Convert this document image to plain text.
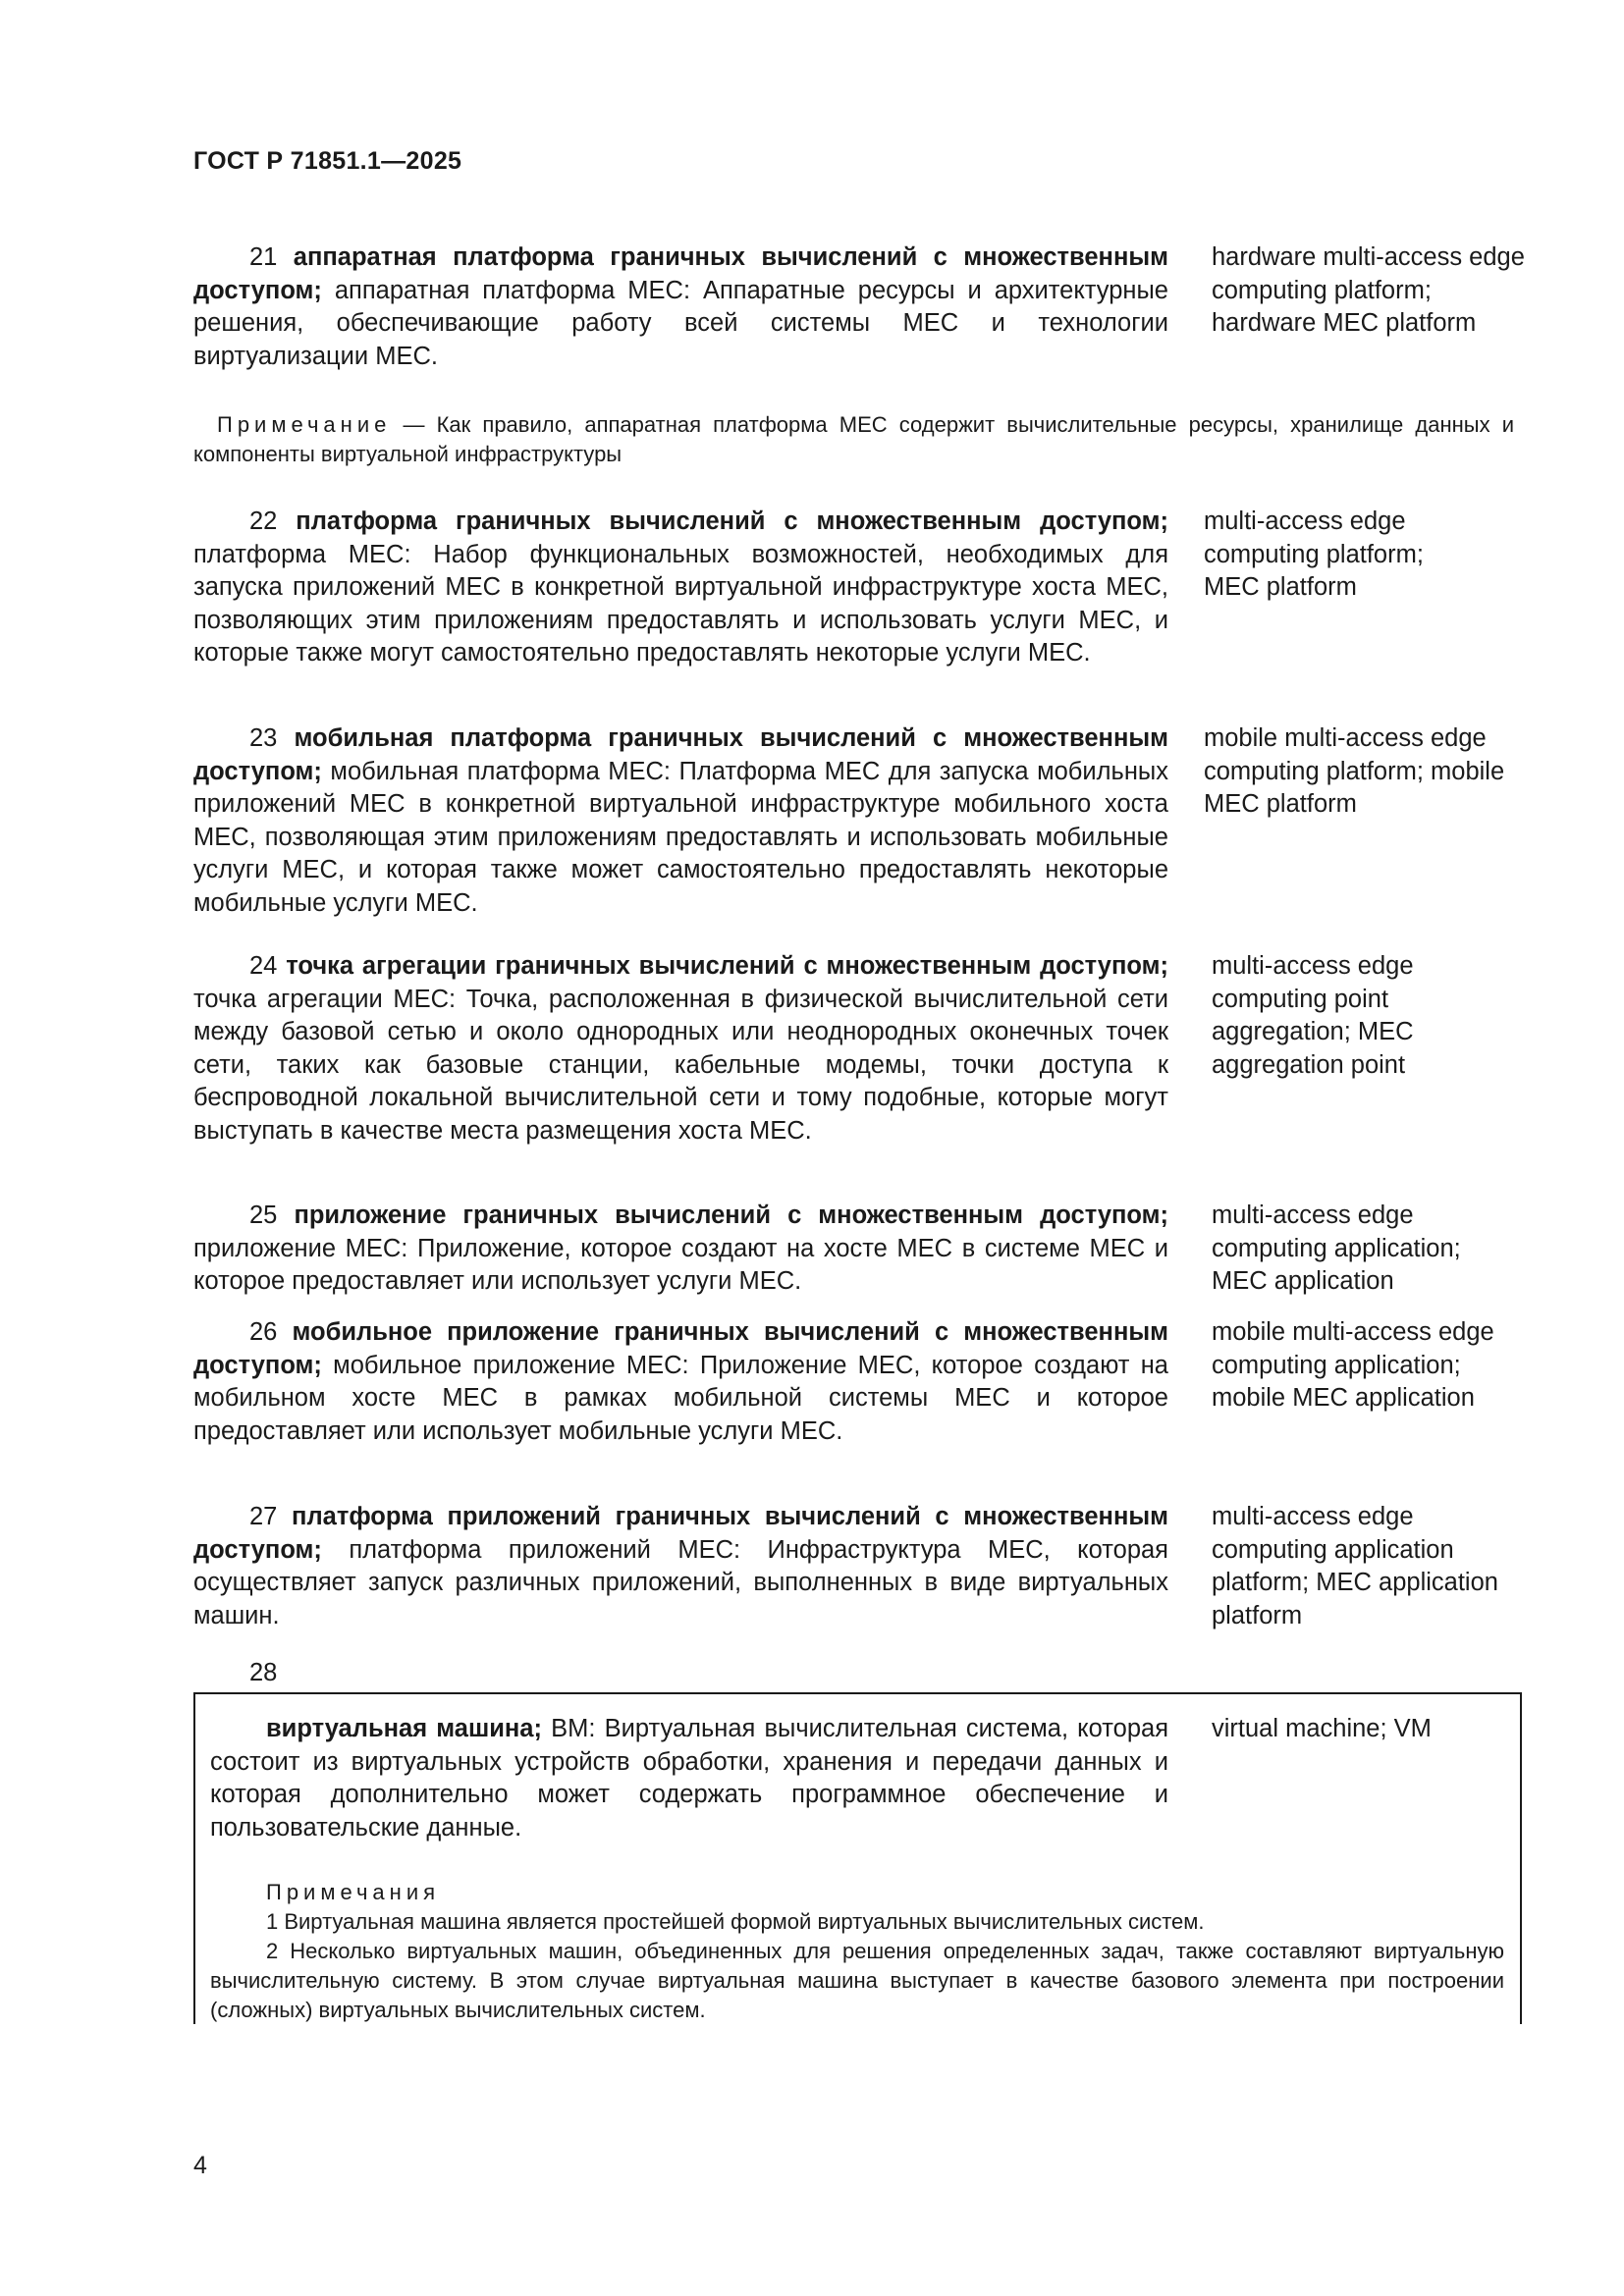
ГОСТ Р 71851.1—2025
21 аппаратная платформа граничных вычислений с множественным доступом; аппаратная платформа МЕС: Аппаратные ресурсы и архитектурные решения, обеспечивающие работу всей системы МЕС и технологии виртуализации МЕС.
hardware multi-access edge computing platform; hardware MEC platform
Примечание — Как правило, аппаратная платформа МЕС содержит вычислительные ресурсы, хранилище данных и компоненты виртуальной инфраструктуры
22 платформа граничных вычислений с множественным доступом; платформа МЕС: Набор функциональных возможностей, необходимых для запуска приложений МЕС в конкретной виртуальной инфраструктуре хоста МЕС, позволяющих этим приложениям предоставлять и использовать услуги МЕС, и которые также могут самостоятельно предоставлять некоторые услуги МЕС.
multi-access edge computing platform; MEC platform
23 мобильная платформа граничных вычислений с множественным доступом; мобильная платформа МЕС: Платформа МЕС для запуска мобильных приложений МЕС в конкретной виртуальной инфраструктуре мобильного хоста МЕС, позволяющая этим приложениям предоставлять и использовать мобильные услуги МЕС, и которая также может самостоятельно предоставлять некоторые мобильные услуги МЕС.
mobile multi-access edge computing platform; mobile MEC platform
24 точка агрегации граничных вычислений с множественным доступом; точка агрегации МЕС: Точка, расположенная в физической вычислительной сети между базовой сетью и около однородных или неоднородных оконечных точек сети, таких как базовые станции, кабельные модемы, точки доступа к беспроводной локальной вычислительной сети и тому подобные, которые могут выступать в качестве места размещения хоста МЕС.
multi-access edge computing point aggregation; MEC aggregation point
25 приложение граничных вычислений с множественным доступом; приложение МЕС: Приложение, которое создают на хосте МЕС в системе МЕС и которое предоставляет или использует услуги МЕС.
multi-access edge computing application; MEC application
26 мобильное приложение граничных вычислений с множественным доступом; мобильное приложение МЕС: Приложение МЕС, которое создают на мобильном хосте МЕС в рамках мобильной системы МЕС и которое предоставляет или использует мобильные услуги МЕС.
mobile multi-access edge computing application; mobile MEC application
27 платформа приложений граничных вычислений с множественным доступом; платформа приложений МЕС: Инфраструктура МЕС, которая осуществляет запуск различных приложений, выполненных в виде виртуальных машин.
multi-access edge computing application platform; MEC application platform
28
виртуальная машина; ВМ: Виртуальная вычислительная система, которая состоит из виртуальных устройств обработки, хранения и передачи данных и которая дополнительно может содержать программное обеспечение и пользовательские данные.
virtual machine; VM
Примечания
1 Виртуальная машина является простейшей формой виртуальных вычислительных систем.
2 Несколько виртуальных машин, объединенных для решения определенных задач, также составляют виртуальную вычислительную систему. В этом случае виртуальная машина выступает в качестве базового элемента при построении (сложных) виртуальных вычислительных систем.
4
